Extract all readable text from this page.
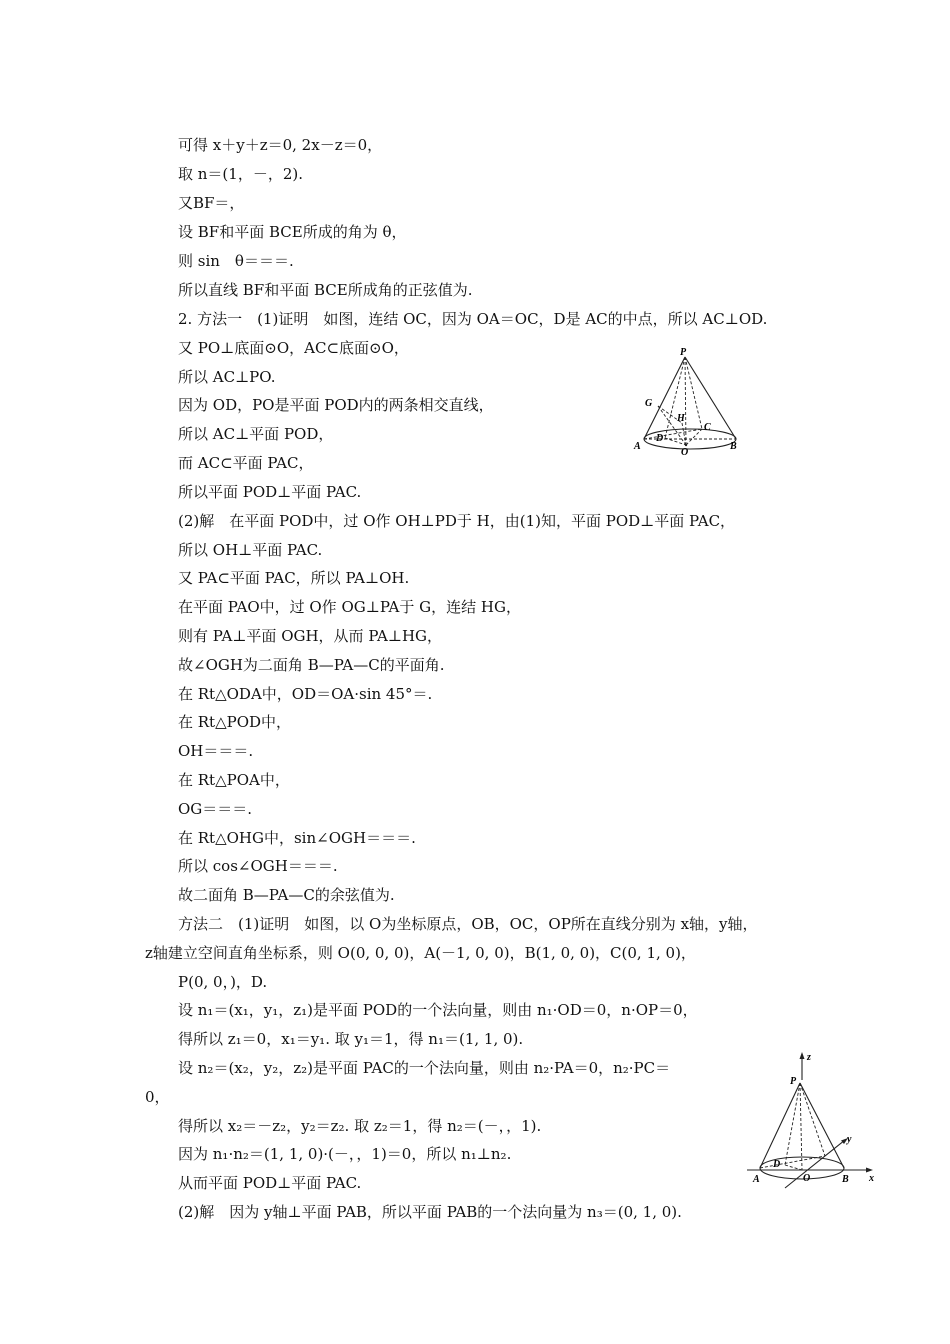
可得 x＋y＋z＝0, 2x－z＝0，
取 n＝(1，－，2).
又BF＝，
设 BF和平面 BCE所成的角为 θ，
则 sin　θ＝＝＝.
所以直线 BF和平面 BCE所成角的正弦值为.
2. 方法一　(1)证明　如图，连结 OC，因为 OA＝OC，D是 AC的中点，所以 AC⊥OD.
又 PO⊥底面⊙O，AC⊂底面⊙O，
所以 AC⊥PO.
因为 OD，PO是平面 POD内的两条相交直线，
所以 AC⊥平面 POD，
而 AC⊂平面 PAC，
所以平面 POD⊥平面 PAC.
(2)解　在平面 POD中，过 O作 OH⊥PD于 H，由(1)知，平面 POD⊥平面 PAC，
所以 OH⊥平面 PAC.
又 PA⊂平面 PAC，所以 PA⊥OH.
在平面 PAO中，过 O作 OG⊥PA于 G，连结 HG，
则有 PA⊥平面 OGH，从而 PA⊥HG，
故∠OGH为二面角 B—PA—C的平面角.
在 Rt△ODA中，OD＝OA·sin 45°＝.
在 Rt△POD中，
OH＝＝＝.
在 Rt△POA中，
OG＝＝＝.
在 Rt△OHG中，sin∠OGH＝＝＝.
所以 cos∠OGH＝＝＝.
故二面角 B—PA—C的余弦值为.
方法二　(1)证明　如图，以 O为坐标原点，OB，OC，OP所在直线分别为 x轴，y轴，
z轴建立空间直角坐标系，则 O(0, 0, 0)，A(－1, 0, 0)，B(1, 0, 0)，C(0, 1, 0)，
P(0, 0，)，D.
设 n₁＝(x₁，y₁，z₁)是平面 POD的一个法向量，则由 n₁·OD＝0，n·OP＝0，
得所以 z₁＝0，x₁＝y₁. 取 y₁＝1，得 n₁＝(1, 1, 0).
设 n₂＝(x₂，y₂，z₂)是平面 PAC的一个法向量，则由 n₂·PA＝0，n₂·PC＝
0，
得所以 x₂＝－z₂，y₂＝z₂. 取 z₂＝1，得 n₂＝(－，，1).
因为 n₁·n₂＝(1, 1, 0)·(－，，1)＝0，所以 n₁⊥n₂.
从而平面 POD⊥平面 PAC.
(2)解　因为 y轴⊥平面 PAB，所以平面 PAB的一个法向量为 n₃＝(0, 1, 0).
P
G
H
C
A
D
O
B
z
P
y
D
A	O	B x
